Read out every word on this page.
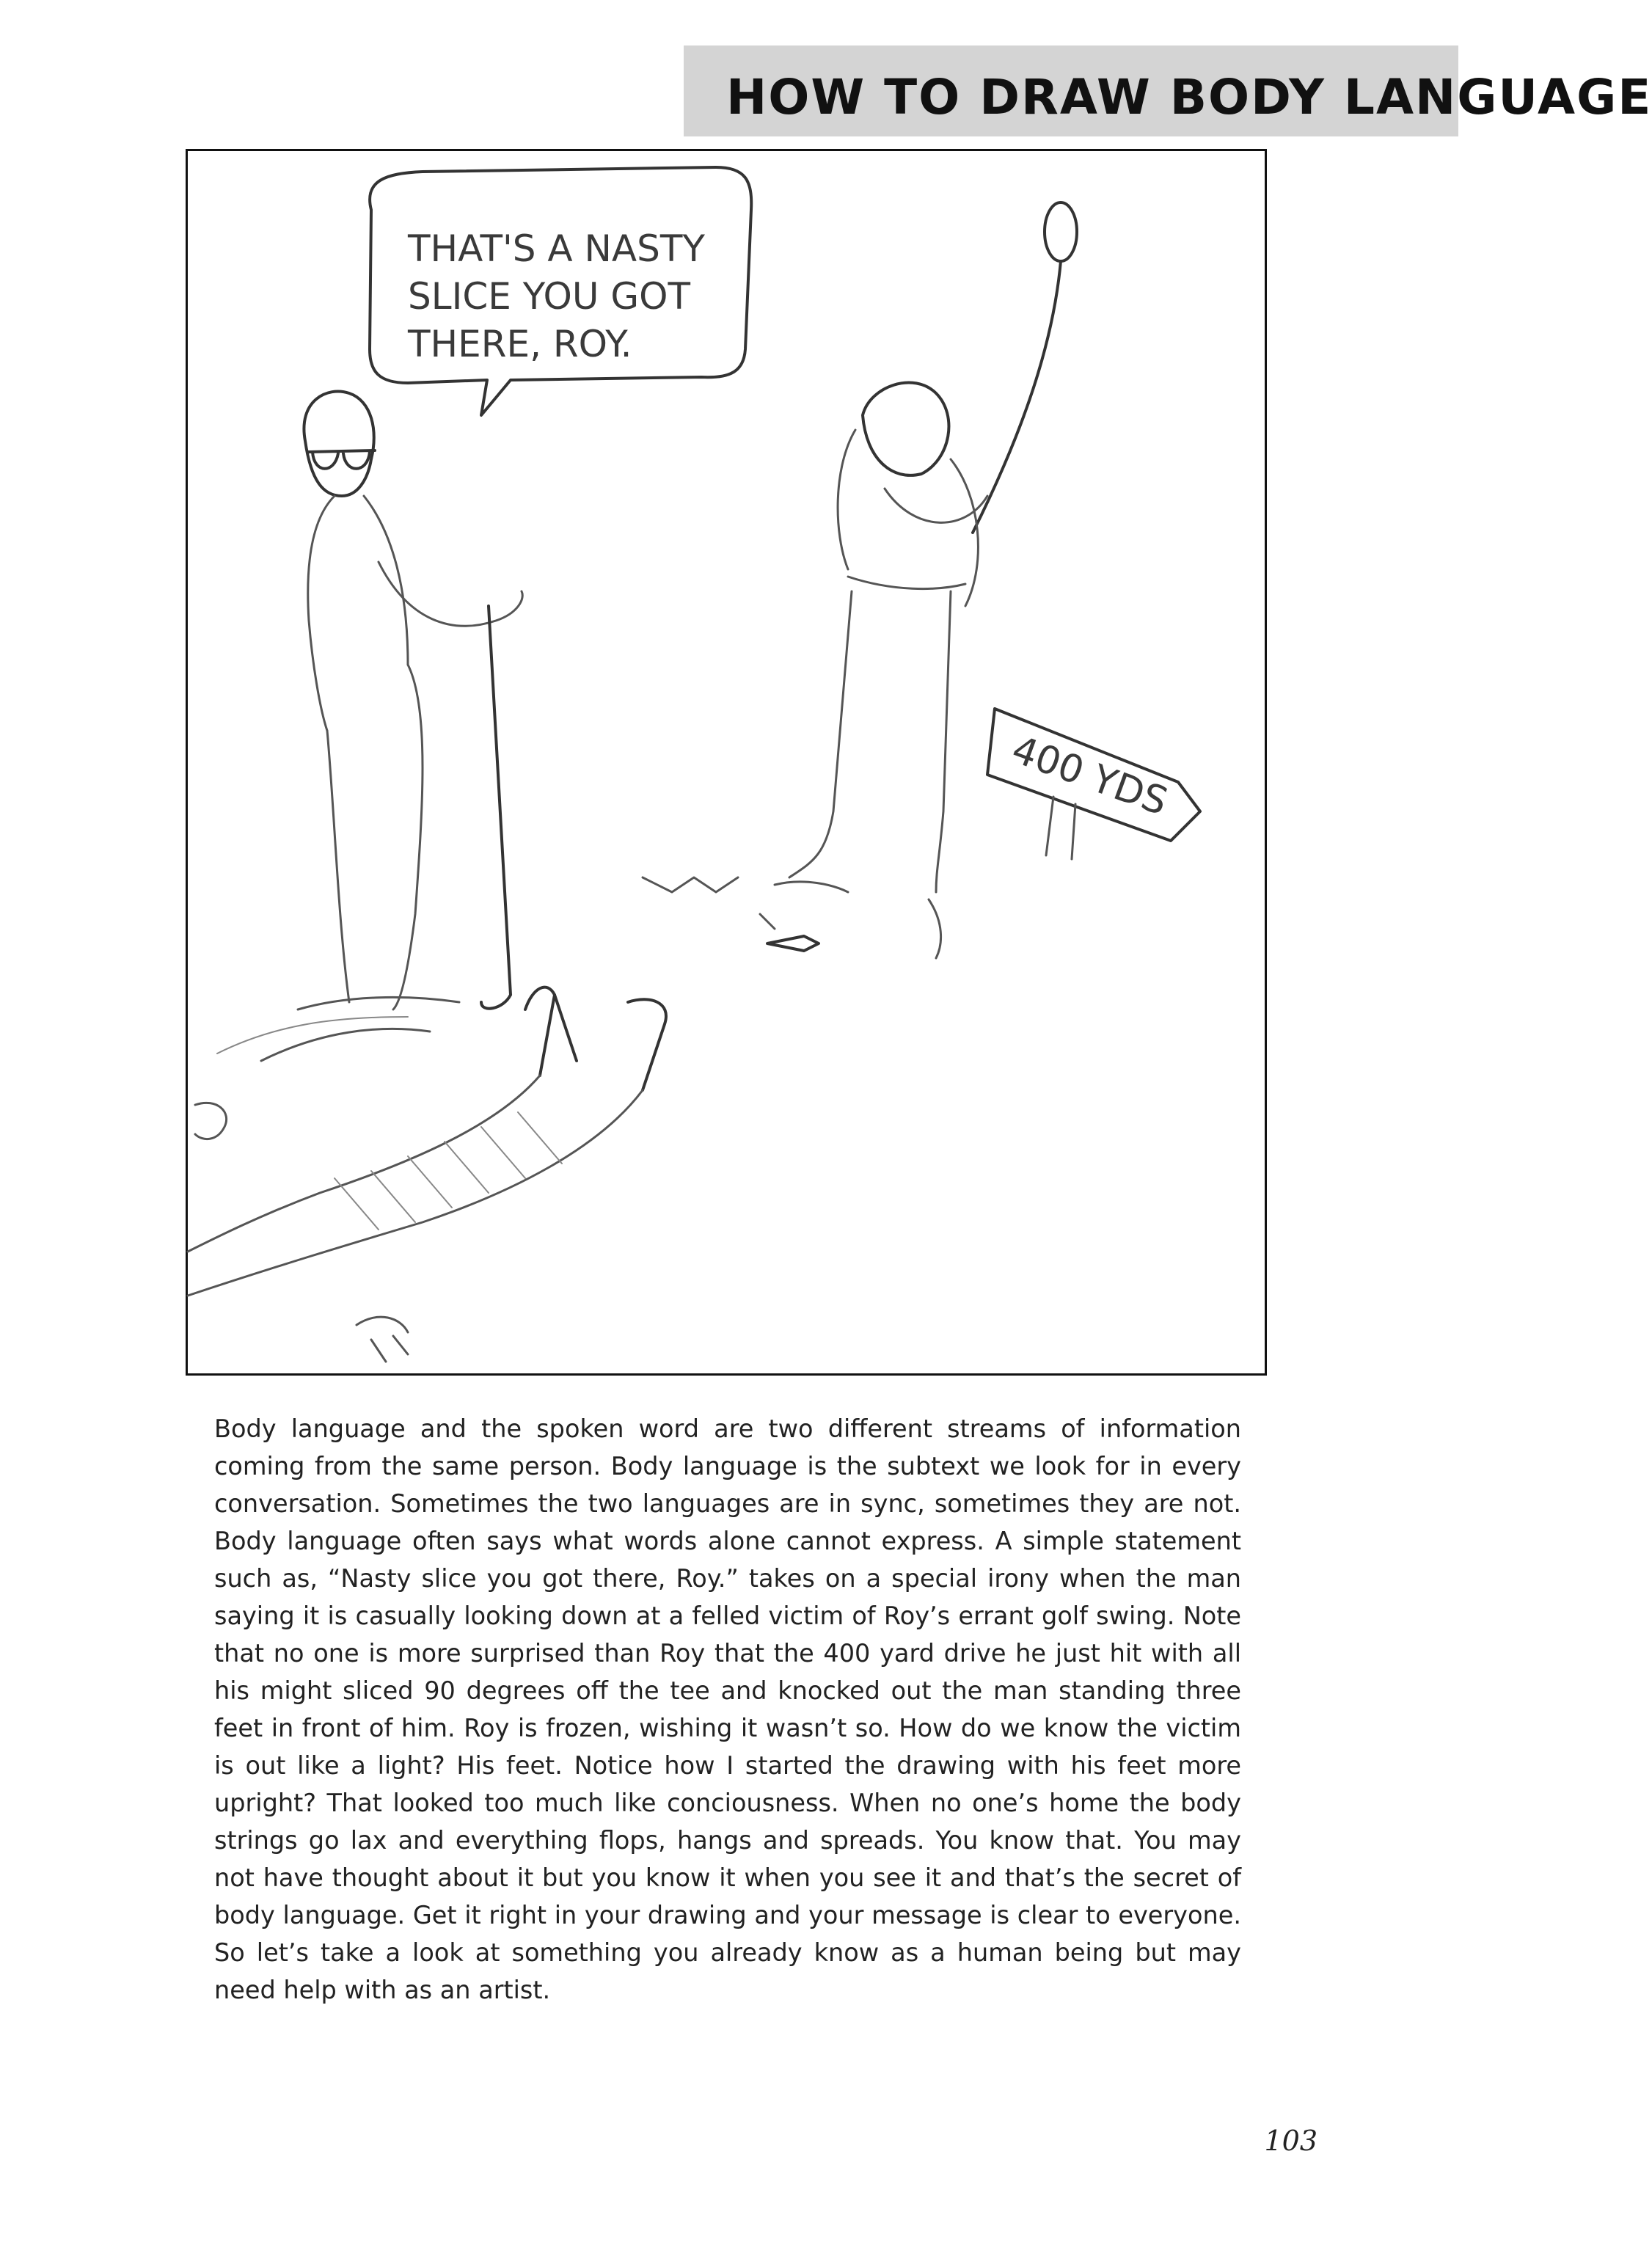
HOW TO DRAW BODY LANGUAGE
THAT'S A NASTY
SLICE YOU GOT
THERE, ROY.
400 YDS

Body language and the spoken word are two different streams of information coming from the same person. Body language is the subtext we look for in every conversation. Sometimes the two languages are in sync, sometimes they are not. Body language often says what words alone cannot express. A simple statement such as, “Nasty slice you got there, Roy.” takes on a special irony when the man saying it is casually looking down at a felled victim of Roy’s errant golf swing. Note that no one is more surprised than Roy that the 400 yard drive he just hit with all his might sliced 90 degrees off the tee and knocked out the man standing three feet in front of him. Roy is frozen, wishing it wasn’t so. How do we know the victim is out like a light? His feet. Notice how I started the drawing with his feet more upright? That looked too much like conciousness. When no one’s home the body strings go lax and everything flops, hangs and spreads. You know that. You may not have thought about it but you know it when you see it and that’s the secret of body language. Get it right in your drawing and your message is clear to everyone. So let’s take a look at something you already know as a human being but may need help with as an artist.

103
